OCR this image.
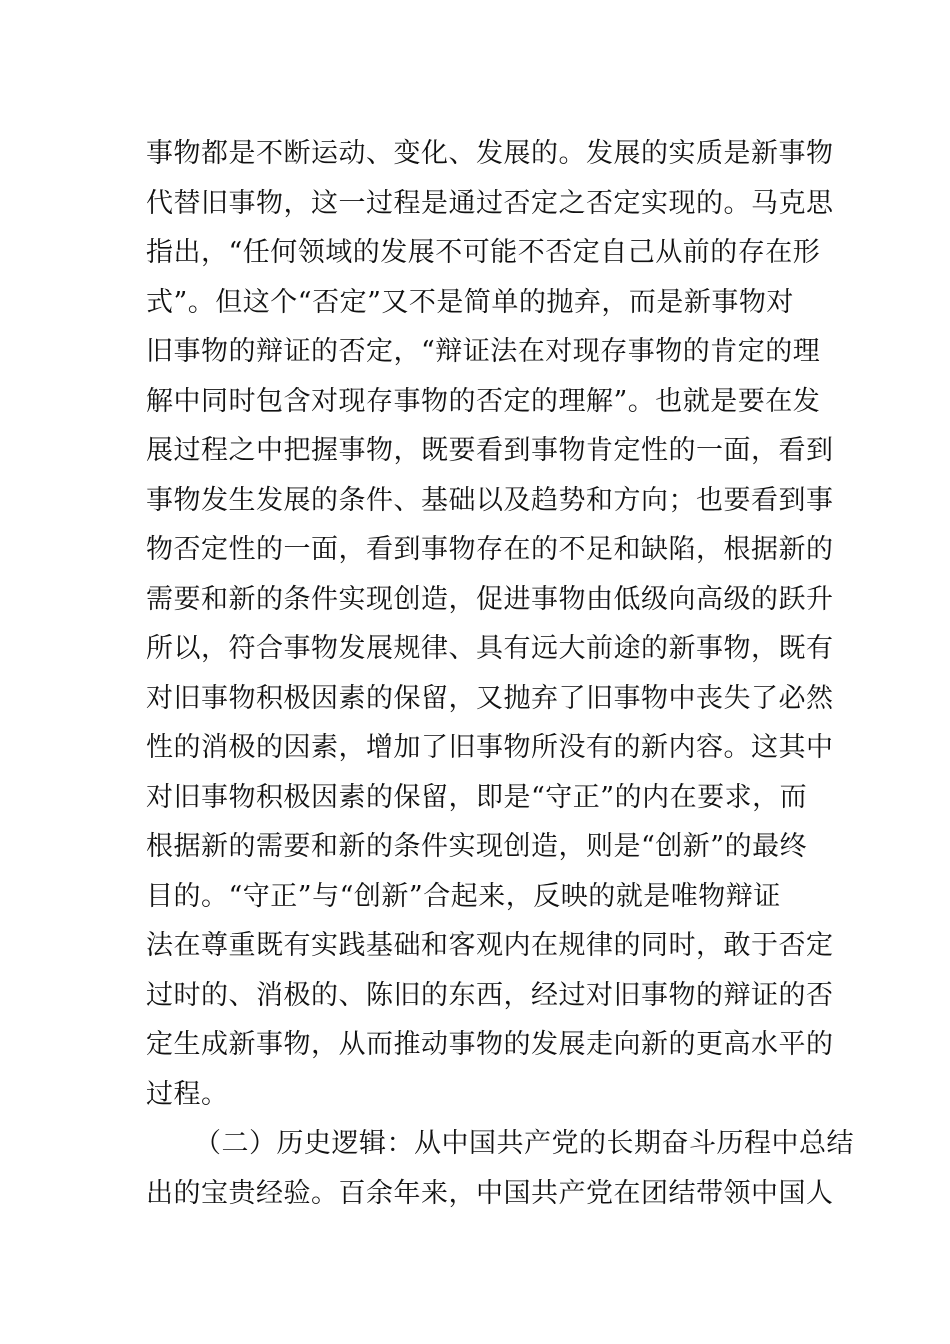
事物都是不断运动、变化、发展的。发展的实质是新事物
代替旧事物，这一过程是通过否定之否定实现的。马克思
指出，“任何领域的发展不可能不否定自己从前的存在形
式”。但这个“否定”又不是简单的抛弃，而是新事物对
旧事物的辩证的否定，“辩证法在对现存事物的肯定的理
解中同时包含对现存事物的否定的理解”。也就是要在发
展过程之中把握事物，既要看到事物肯定性的一面，看到
事物发生发展的条件、基础以及趋势和方向；也要看到事
物否定性的一面，看到事物存在的不足和缺陷，根据新的
需要和新的条件实现创造，促进事物由低级向高级的跃升
所以，符合事物发展规律、具有远大前途的新事物，既有
对旧事物积极因素的保留，又抛弃了旧事物中丧失了必然
性的消极的因素，增加了旧事物所没有的新内容。这其中
对旧事物积极因素的保留，即是“守正”的内在要求，而
根据新的需要和新的条件实现创造，则是“创新”的最终
目的。“守正”与“创新”合起来，反映的就是唯物辩证
法在尊重既有实践基础和客观内在规律的同时，敢于否定
过时的、消极的、陈旧的东西，经过对旧事物的辩证的否
定生成新事物，从而推动事物的发展走向新的更高水平的
过程。
（二）历史逻辑：从中国共产党的长期奋斗历程中总结
出的宝贵经验。百余年来，中国共产党在团结带领中国人
